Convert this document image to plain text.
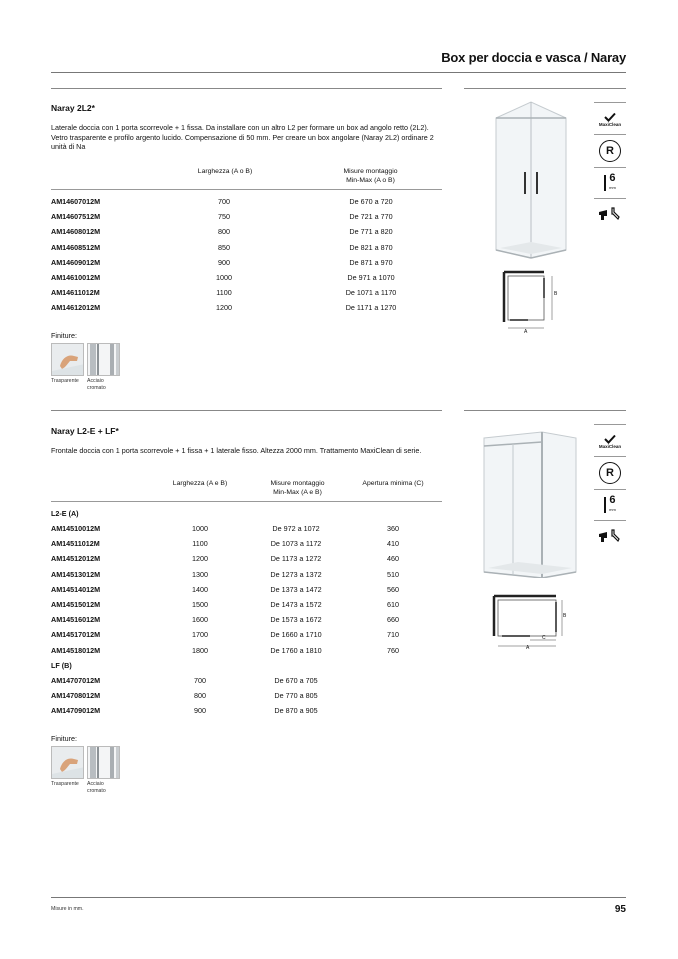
Box per doccia e vasca / Naray
Naray 2L2*
Laterale doccia con 1 porta scorrevole + 1 fissa. Da installare con un altro L2 per formare un box ad angolo retto (2L2). Vetro trasparente e profilo argento lucido. Compensazione di 50 mm. Per creare un box angolare (Naray 2L2) ordinare 2 unità di Na
Larghezza (A o B)	Misure montaggio
Min-Max (A o B)
AM14607012M	700	De 670 a 720
AM14607512M	750	De 721 a 770
AM14608012M	800	De 771 a 820
AM14608512M	850	De 821 a 870
AM14609012M	900	De 871 a 970
AM14610012M	1000	De 971 a 1070
AM14611012M	1100	De 1071 a 1170
AM14612012M	1200	De 1171 a 1270
Finiture:
Trasparente Acciaio
cromato
B
A
MaxiClean
R
6
mm
Naray L2-E + LF*
Frontale doccia con 1 porta scorrevole + 1 fissa + 1 laterale fisso. Altezza 2000 mm. Trattamento MaxiClean di serie.
Larghezza (A e B)	Misure montaggio
Min-Max (A e B)
Apertura minima (C)
L2-E (A)
AM14510012M	1000	De 972 a 1072	360
AM14511012M	1100	De 1073 a 1172	410
AM14512012M	1200	De 1173 a 1272	460
AM14513012M	1300	De 1273 a 1372	510
AM14514012M	1400	De 1373 a 1472	560
AM14515012M	1500	De 1473 a 1572	610
AM14516012M	1600	De 1573 a 1672	660
AM14517012M	1700	De 1660 a 1710	710
AM14518012M	1800	De 1760 a 1810	760
LF (B)
AM14707012M	700	De 670 a 705
AM14708012M	800	De 770 a 805
AM14709012M	900	De 870 a 905
Finiture:
Trasparente Acciaio
cromato
B
C
A
MaxiClean
R
6
mm
Misure in mm.	95
